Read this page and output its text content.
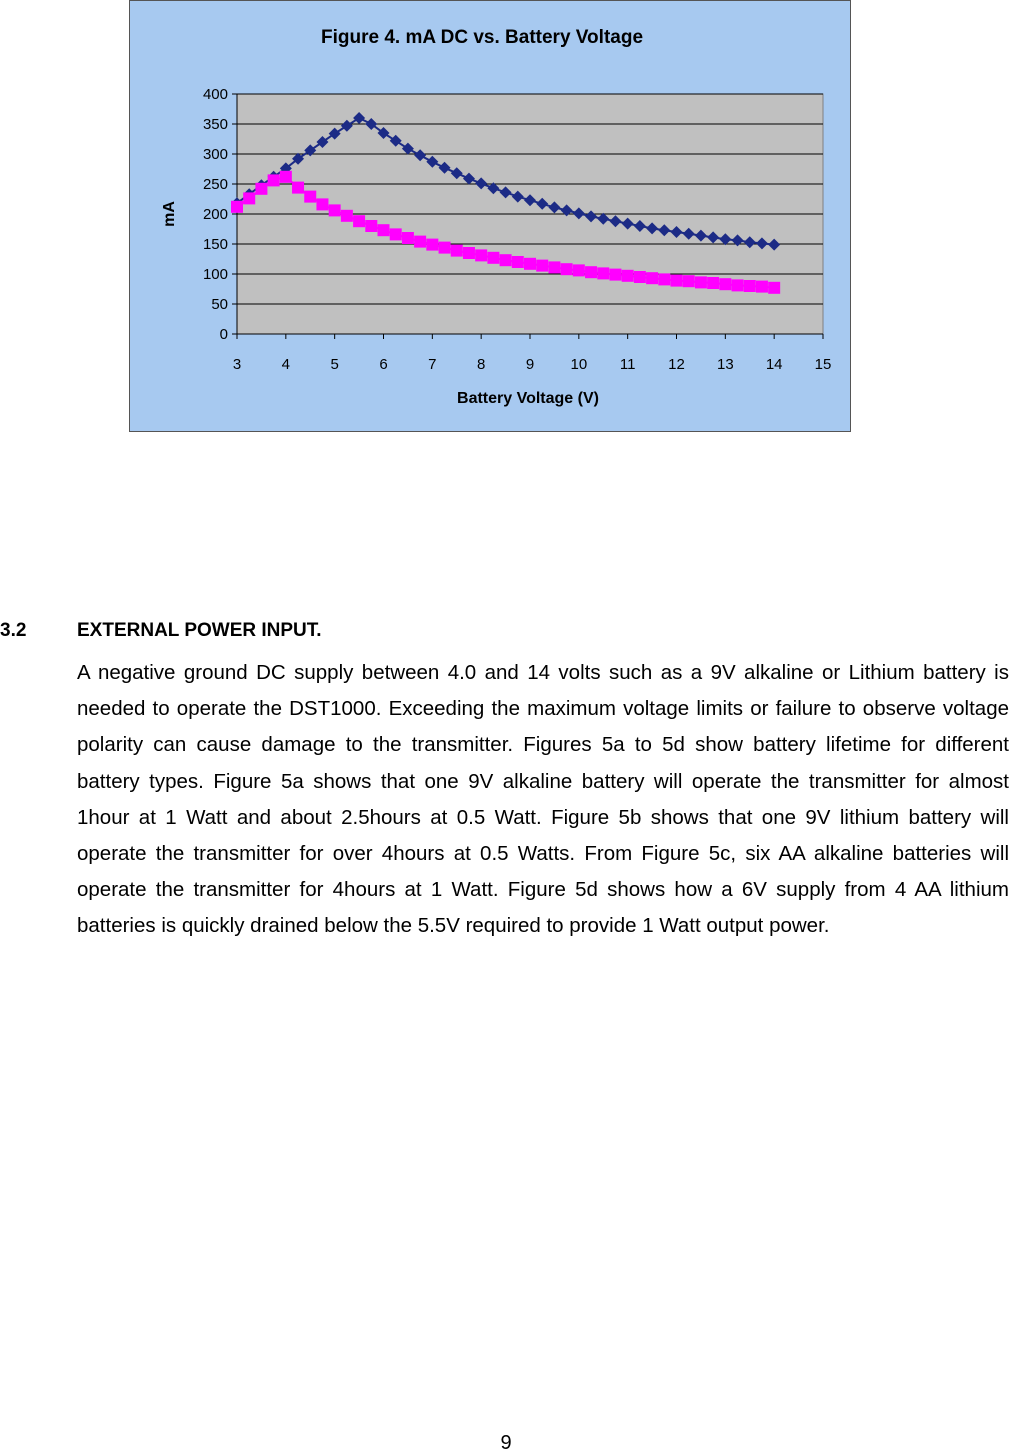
Figure 4. mA DC vs. Battery Voltage
0
50
100
150
200
250
300
350
400
3	4	5	6	7	8	9 10 11 12 13 14 15
Battery Voltage (V)
mA
3.2	EXTERNAL POWER INPUT.
A negative ground DC supply between 4.0 and 14 volts such as a 9V alkaline or Lithium battery is needed to operate the DST1000. Exceeding the maximum voltage limits or failure to observe voltage polarity can cause damage to the transmitter. Figures 5a to 5d show battery lifetime for different battery types. Figure 5a shows that one 9V alkaline battery will operate the transmitter for almost 1hour at 1 Watt and about 2.5hours at 0.5 Watt. Figure 5b shows that one 9V lithium battery will operate the transmitter for over 4hours at 0.5 Watts. From Figure 5c, six AA alkaline batteries will operate the transmitter for 4hours at 1 Watt. Figure 5d shows how a 6V supply from 4 AA lithium batteries is quickly drained below the 5.5V required to provide 1 Watt output power.
9
